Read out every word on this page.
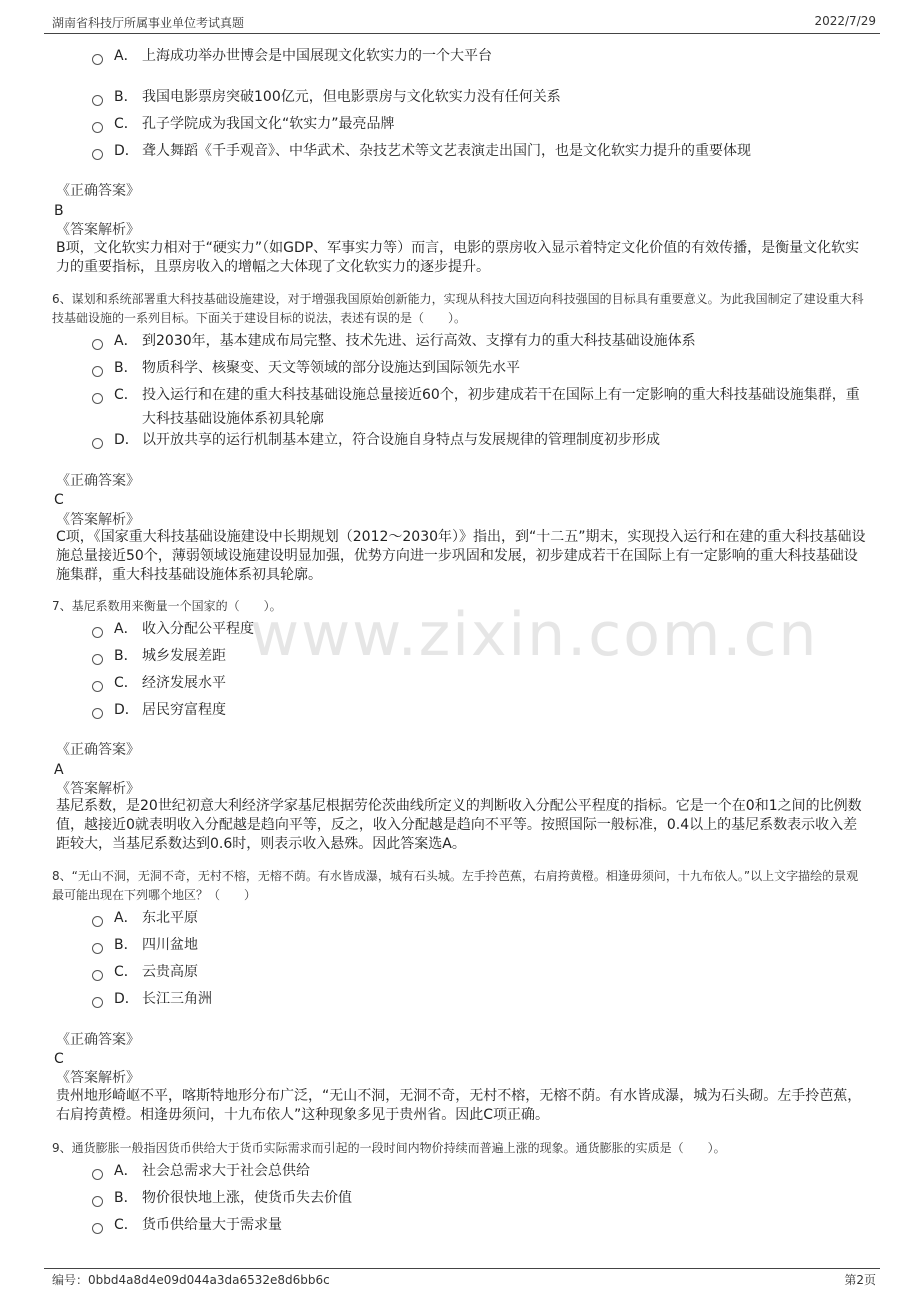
湖南省科技厅所属事业单位考试真题	2022/7/29
www.zixin.com.cn
A． 上海成功举办世博会是中国展现文化软实力的一个大平台
B． 我国电影票房突破100亿元，但电影票房与文化软实力没有任何关系
C． 孔子学院成为我国文化“软实力”最亮品牌
D． 聋人舞蹈《千手观音》、中华武术、杂技艺术等文艺表演走出国门，也是文化软实力提升的重要体现
《正确答案》
B
《答案解析》
B项，文化软实力相对于“硬实力”（如GDP、军事实力等）而言，电影的票房收入显示着特定文化价值的有效传播，是衡量文化软实力的重要指标，且票房收入的增幅之大体现了文化软实力的逐步提升。
6、谋划和系统部署重大科技基础设施建设，对于增强我国原始创新能力，实现从科技大国迈向科技强国的目标具有重要意义。为此我国制定了建设重大科技基础设施的一系列目标。下面关于建设目标的说法，表述有误的是（　　）。
A． 到2030年，基本建成布局完整、技术先进、运行高效、支撑有力的重大科技基础设施体系
B． 物质科学、核聚变、天文等领域的部分设施达到国际领先水平
C． 投入运行和在建的重大科技基础设施总量接近60个，初步建成若干在国际上有一定影响的重大科技基础设施集群，重大科技基础设施体系初具轮廓
D． 以开放共享的运行机制基本建立，符合设施自身特点与发展规律的管理制度初步形成
《正确答案》
C
《答案解析》
C项，《国家重大科技基础设施建设中长期规划（2012～2030年）》指出，到“十二五”期末，实现投入运行和在建的重大科技基础设施总量接近50个，薄弱领域设施建设明显加强，优势方向进一步巩固和发展，初步建成若干在国际上有一定影响的重大科技基础设施集群，重大科技基础设施体系初具轮廓。
7、基尼系数用来衡量一个国家的（　　）。
A． 收入分配公平程度
B． 城乡发展差距
C． 经济发展水平
D． 居民穷富程度
《正确答案》
A
《答案解析》
基尼系数，是20世纪初意大利经济学家基尼根据劳伦茨曲线所定义的判断收入分配公平程度的指标。它是一个在0和1之间的比例数值，越接近0就表明收入分配越是趋向平等，反之，收入分配越是趋向不平等。按照国际一般标准，0.4以上的基尼系数表示收入差距较大，当基尼系数达到0.6时，则表示收入悬殊。因此答案选A。
8、“无山不洞，无洞不奇，无村不榕，无榕不荫。有水皆成瀑，城有石头城。左手拎芭蕉，右肩挎黄橙。相逢毋须问，十九布依人。”以上文字描绘的景观最可能出现在下列哪个地区？（　　）
A． 东北平原
B． 四川盆地
C． 云贵高原
D． 长江三角洲
《正确答案》
C
《答案解析》
贵州地形崎岖不平，喀斯特地形分布广泛，“无山不洞，无洞不奇，无村不榕，无榕不荫。有水皆成瀑，城为石头砌。左手拎芭蕉，右肩挎黄橙。相逢毋须问，十九布依人”这种现象多见于贵州省。因此C项正确。
9、通货膨胀一般指因货币供给大于货币实际需求而引起的一段时间内物价持续而普遍上涨的现象。通货膨胀的实质是（　　）。
A． 社会总需求大于社会总供给
B． 物价很快地上涨，使货币失去价值
C． 货币供给量大于需求量
编号：0bbd4a8d4e09d044a3da6532e8d6bb6c	第2页
